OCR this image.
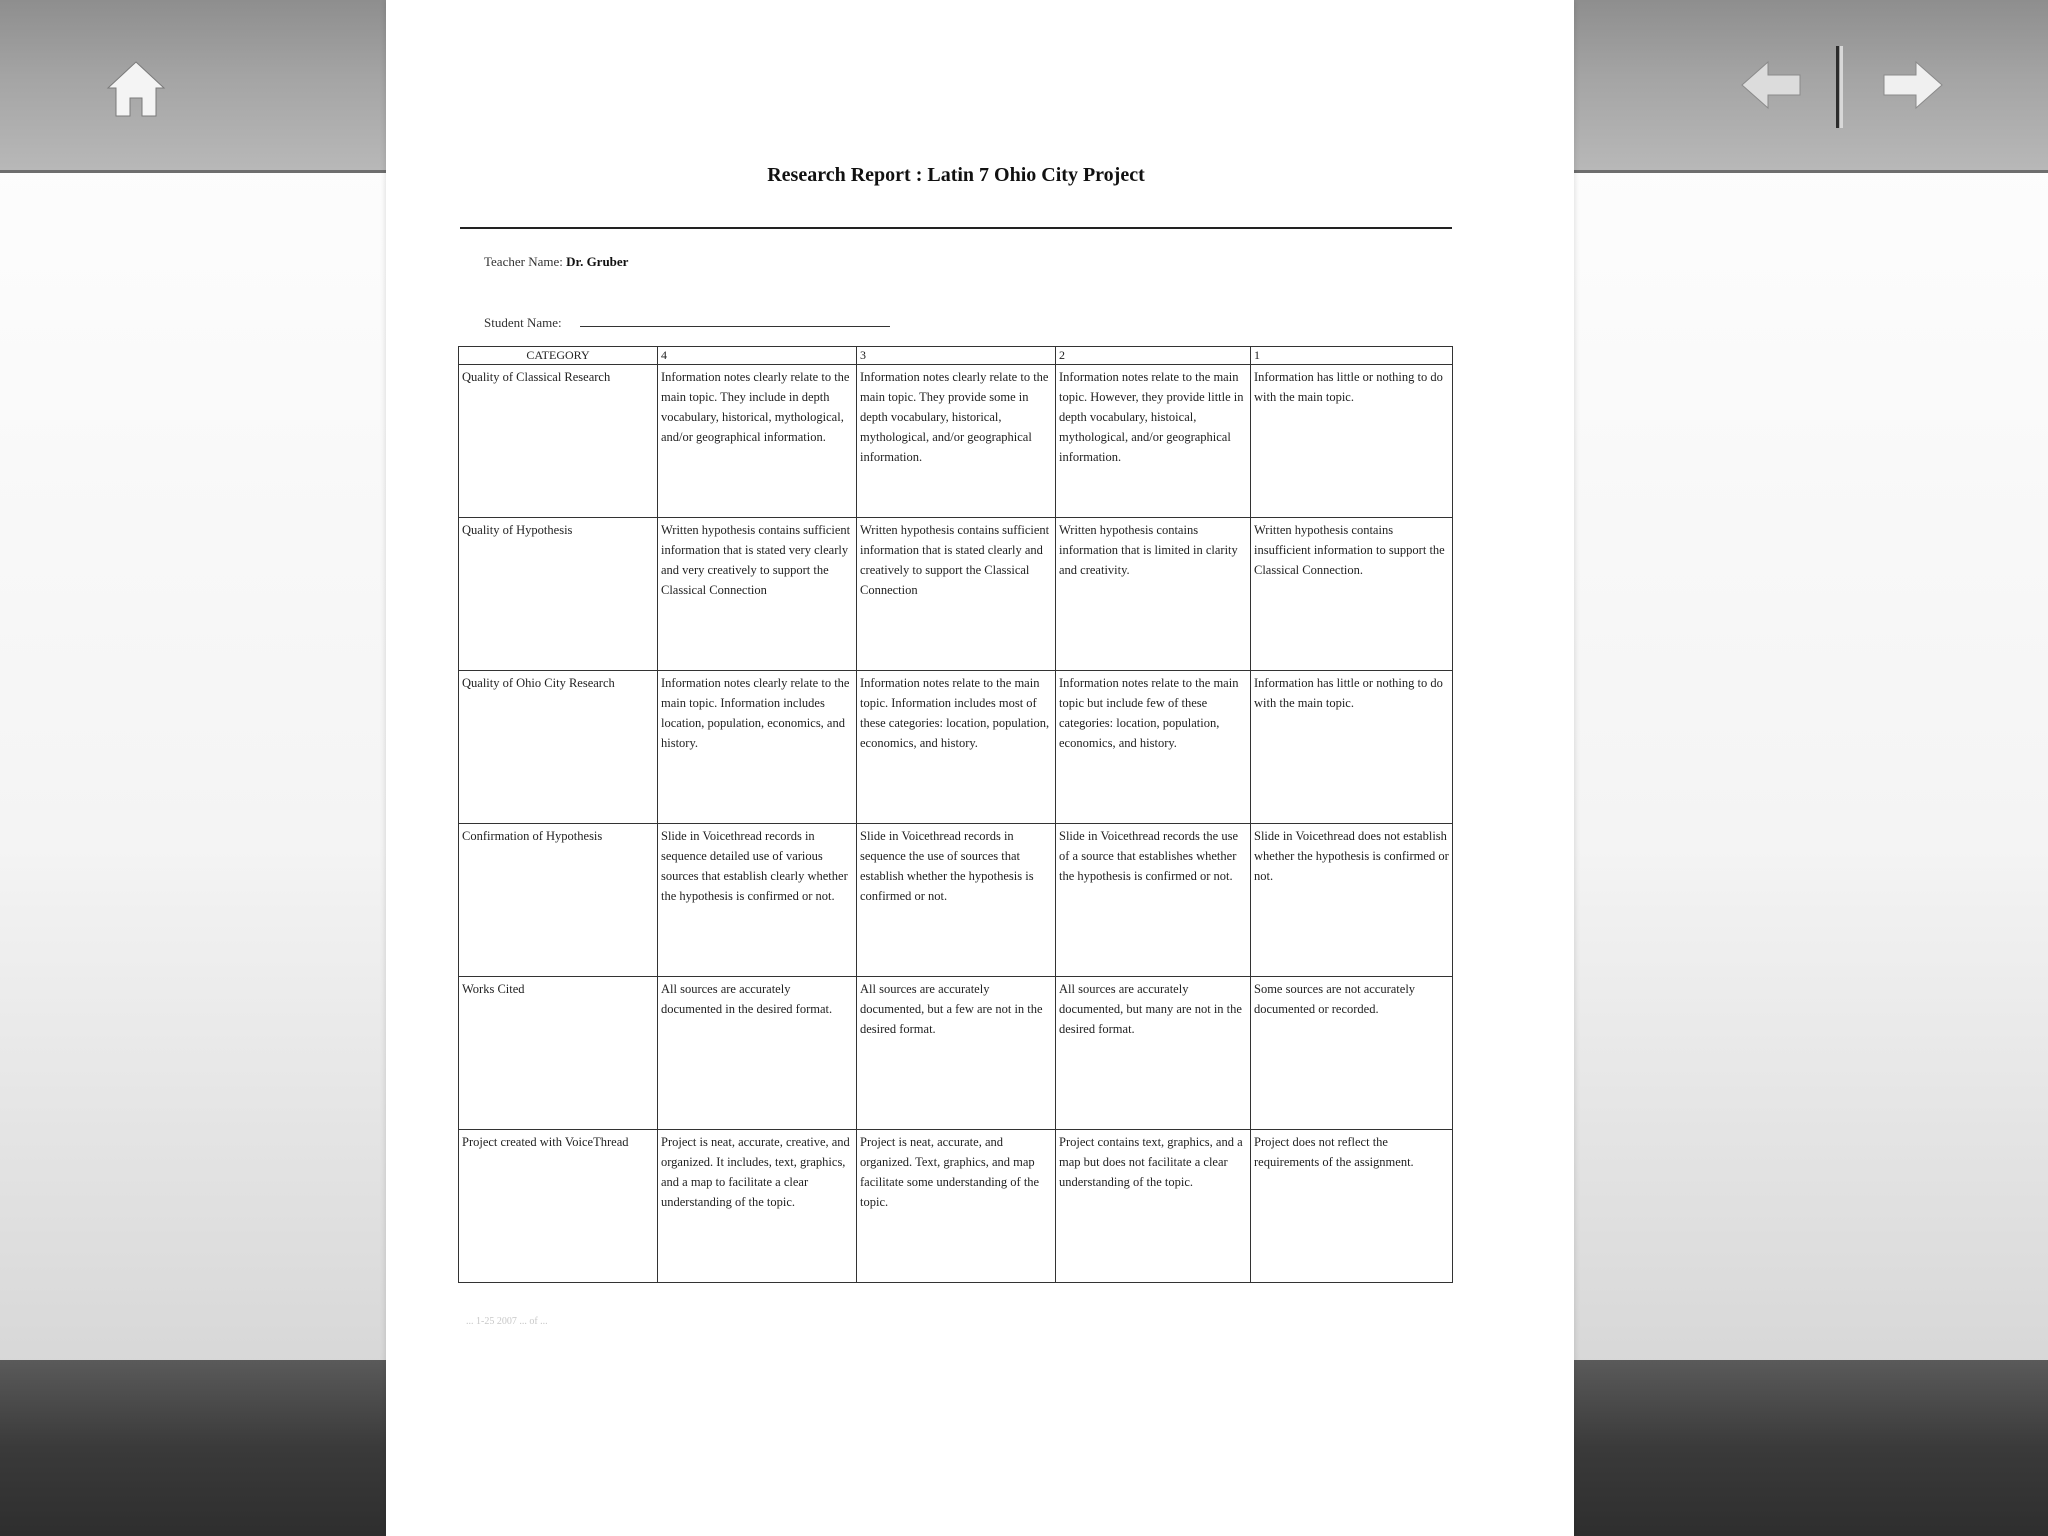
Research Report : Latin 7 Ohio City Project
Teacher Name: Dr. Gruber
Student Name:
CATEGORY	4	3	2	1
Quality of Classical Research	Information notes clearly relate to the main topic. They include in depth vocabulary, historical, mythological, and/or geographical information.	Information notes clearly relate to the main topic. They provide some in depth vocabulary, historical, mythological, and/or geographical information.	Information notes relate to the main topic. However, they provide little in depth vocabulary, histoical, mythological, and/or geographical information.	Information has little or nothing to do with the main topic.
Quality of Hypothesis	Written hypothesis contains sufficient information that is stated very clearly and very creatively to support the Classical Connection	Written hypothesis contains sufficient information that is stated clearly and creatively to support the Classical Connection	Written hypothesis contains information that is limited in clarity and creativity.	Written hypothesis contains insufficient information to support the Classical Connection.
Quality of Ohio City Research	Information notes clearly relate to the main topic. Information includes location, population, economics, and history.	Information notes relate to the main topic. Information includes most of these categories: location, population, economics, and history.	Information notes relate to the main topic but include few of these categories: location, population, economics, and history.	Information has little or nothing to do with the main topic.
Confirmation of Hypothesis	Slide in Voicethread records in sequence detailed use of various sources that establish clearly whether the hypothesis is confirmed or not.	Slide in Voicethread records in sequence the use of sources that establish whether the hypothesis is confirmed or not.	Slide in Voicethread records the use of a source that establishes whether the hypothesis is confirmed or not.	Slide in Voicethread does not establish whether the hypothesis is confirmed or not.
Works Cited	All sources are accurately documented in the desired format.	All sources are accurately documented, but a few are not in the desired format.	All sources are accurately documented, but many are not in the desired format.	Some sources are not accurately documented or recorded.
Project created with VoiceThread	Project is neat, accurate, creative, and organized. It includes, text, graphics, and a map to facilitate a clear understanding of the topic.	Project is neat, accurate, and organized. Text, graphics, and map facilitate some understanding of the topic.	Project contains text, graphics, and a map but does not facilitate a clear understanding of the topic.	Project does not reflect the requirements of the assignment.
... 1-25 2007 ... of ...
